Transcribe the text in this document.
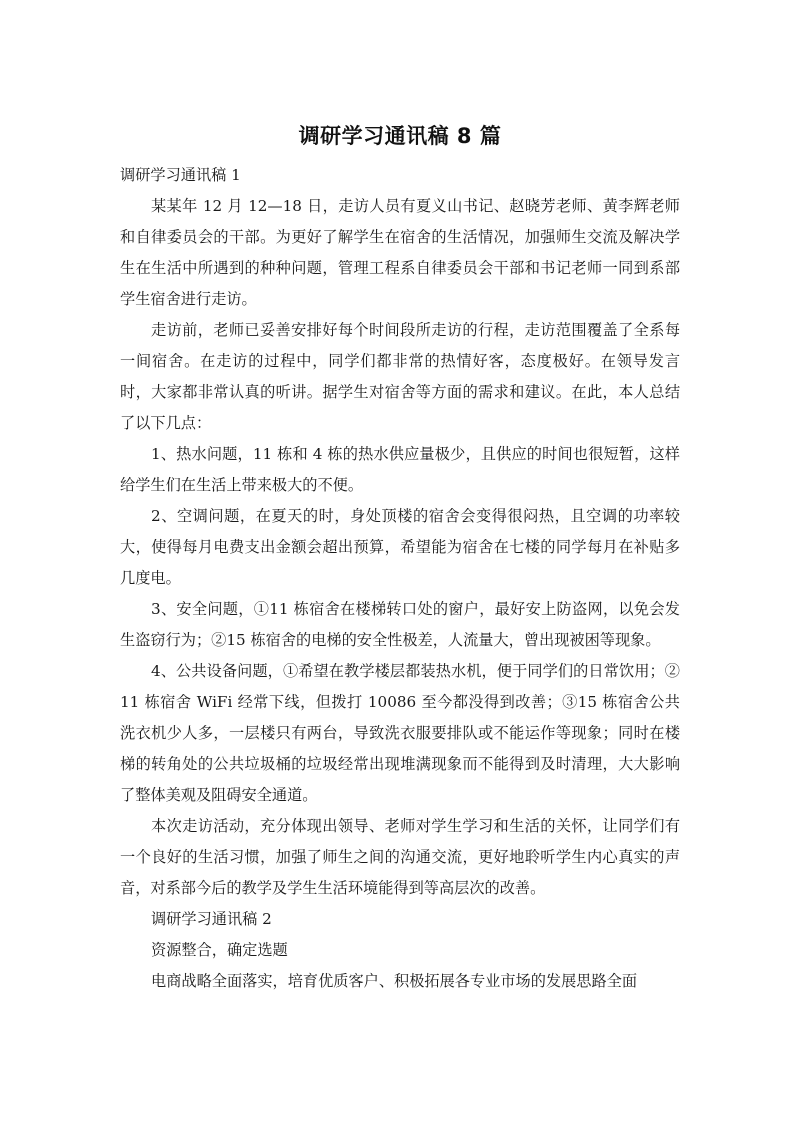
调研学习通讯稿 8 篇

调研学习通讯稿 1

某某年 12 月 12—18 日，走访人员有夏义山书记、赵晓芳老师、黄李辉老师和自律委员会的干部。为更好了解学生在宿舍的生活情况，加强师生交流及解决学生在生活中所遇到的种种问题，管理工程系自律委员会干部和书记老师一同到系部学生宿舍进行走访。

走访前，老师已妥善安排好每个时间段所走访的行程，走访范围覆盖了全系每一间宿舍。在走访的过程中，同学们都非常的热情好客，态度极好。在领导发言时，大家都非常认真的听讲。据学生对宿舍等方面的需求和建议。在此，本人总结了以下几点：

1、热水问题，11 栋和 4 栋的热水供应量极少，且供应的时间也很短暂，这样给学生们在生活上带来极大的不便。

2、空调问题，在夏天的时，身处顶楼的宿舍会变得很闷热，且空调的功率较大，使得每月电费支出金额会超出预算，希望能为宿舍在七楼的同学每月在补贴多几度电。

3、安全问题，①11 栋宿舍在楼梯转口处的窗户，最好安上防盗网，以免会发生盗窃行为；②15 栋宿舍的电梯的安全性极差，人流量大，曾出现被困等现象。

4、公共设备问题，①希望在教学楼层都装热水机，便于同学们的日常饮用；②11 栋宿舍 WiFi 经常下线，但拨打 10086 至今都没得到改善；③15 栋宿舍公共洗衣机少人多，一层楼只有两台，导致洗衣服要排队或不能运作等现象；同时在楼梯的转角处的公共垃圾桶的垃圾经常出现堆满现象而不能得到及时清理，大大影响了整体美观及阻碍安全通道。

本次走访活动，充分体现出领导、老师对学生学习和生活的关怀，让同学们有一个良好的生活习惯，加强了师生之间的沟通交流，更好地聆听学生内心真实的声音，对系部今后的教学及学生生活环境能得到等高层次的改善。

调研学习通讯稿 2

资源整合，确定选题

电商战略全面落实，培育优质客户、积极拓展各专业市场的发展思路全面
